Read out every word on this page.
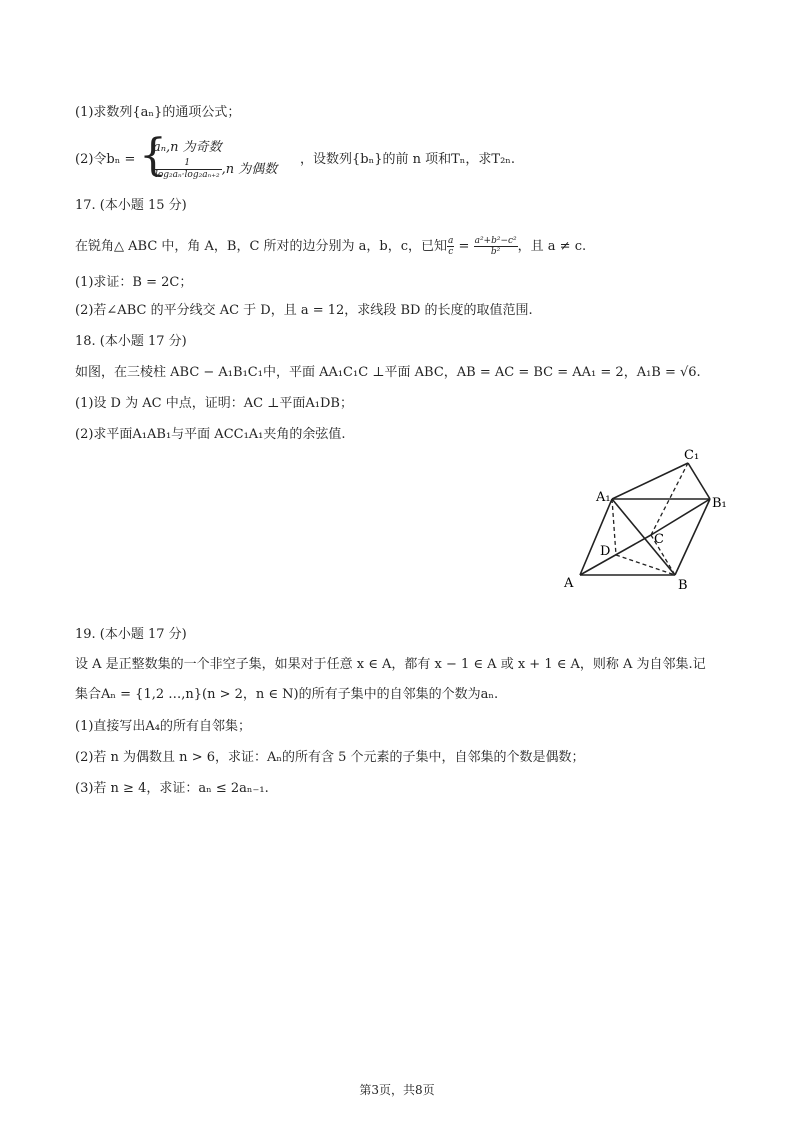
(1)求数列{aₙ}的通项公式；
(2)令bₙ = {
aₙ,n 为奇数
$\frac{1}{\text{log₂aₙ·log₂aₙ₊₂}} ,n$ 为偶数
，设数列{bₙ}的前 n 项和Tₙ，求T₂ₙ.
17. (本小题 15 分)
在锐角△ ABC 中，角 A，B，C 所对的边分别为 a，b，c，已知 $\frac{a}{c} = \frac{\text{a²+b²−c²}}{\text{b²}}$ ，且 a ≠ c.
(1)求证：B = 2C；
(2)若∠ABC 的平分线交 AC 于 D，且 a = 12，求线段 BD 的长度的取值范围.
18. (本小题 17 分)
如图，在三棱柱 ABC − A₁B₁C₁中，平面 AA₁C₁C ⊥平面 ABC，AB = AC = BC = AA₁ = 2，A₁B = √6.
(1)设 D 为 AC 中点，证明：AC ⊥平面A₁DB；
(2)求平面A₁AB₁与平面 ACC₁A₁夹角的余弦值.
A	B
C
D
A₁	B₁
C₁
19. (本小题 17 分)
设 A 是正整数集的一个非空子集，如果对于任意 x ∈ A，都有 x − 1 ∈ A 或 x + 1 ∈ A，则称 A 为自邻集.记
集合Aₙ = {1,2 …,n}(n > 2，n ∈ N)的所有子集中的自邻集的个数为aₙ.
(1)直接写出A₄的所有自邻集；
(2)若 n 为偶数且 n > 6，求证：Aₙ的所有含 5 个元素的子集中，自邻集的个数是偶数；
(3)若 n ≥ 4，求证：aₙ ≤ 2aₙ₋₁.
第3页，共8页
